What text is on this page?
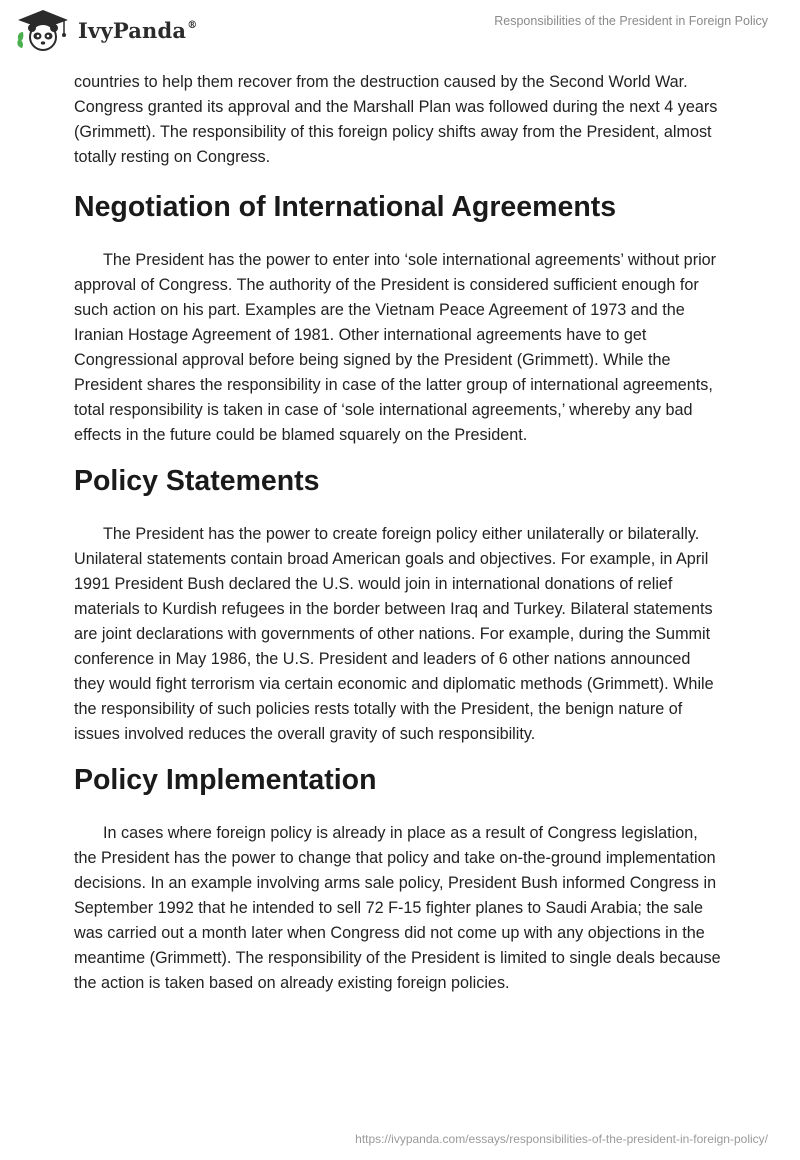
IvyPanda®	Responsibilities of the President in Foreign Policy

countries to help them recover from the destruction caused by the Second World War. Congress granted its approval and the Marshall Plan was followed during the next 4 years (Grimmett). The responsibility of this foreign policy shifts away from the President, almost totally resting on Congress.

Negotiation of International Agreements

The President has the power to enter into ‘sole international agreements’ without prior approval of Congress. The authority of the President is considered sufficient enough for such action on his part. Examples are the Vietnam Peace Agreement of 1973 and the Iranian Hostage Agreement of 1981. Other international agreements have to get Congressional approval before being signed by the President (Grimmett). While the President shares the responsibility in case of the latter group of international agreements, total responsibility is taken in case of ‘sole international agreements,’ whereby any bad effects in the future could be blamed squarely on the President.

Policy Statements

The President has the power to create foreign policy either unilaterally or bilaterally. Unilateral statements contain broad American goals and objectives. For example, in April 1991 President Bush declared the U.S. would join in international donations of relief materials to Kurdish refugees in the border between Iraq and Turkey. Bilateral statements are joint declarations with governments of other nations. For example, during the Summit conference in May 1986, the U.S. President and leaders of 6 other nations announced they would fight terrorism via certain economic and diplomatic methods (Grimmett). While the responsibility of such policies rests totally with the President, the benign nature of issues involved reduces the overall gravity of such responsibility.

Policy Implementation

In cases where foreign policy is already in place as a result of Congress legislation, the President has the power to change that policy and take on-the-ground implementation decisions. In an example involving arms sale policy, President Bush informed Congress in September 1992 that he intended to sell 72 F-15 fighter planes to Saudi Arabia; the sale was carried out a month later when Congress did not come up with any objections in the meantime (Grimmett). The responsibility of the President is limited to single deals because the action is taken based on already existing foreign policies.

https://ivypanda.com/essays/responsibilities-of-the-president-in-foreign-policy/
